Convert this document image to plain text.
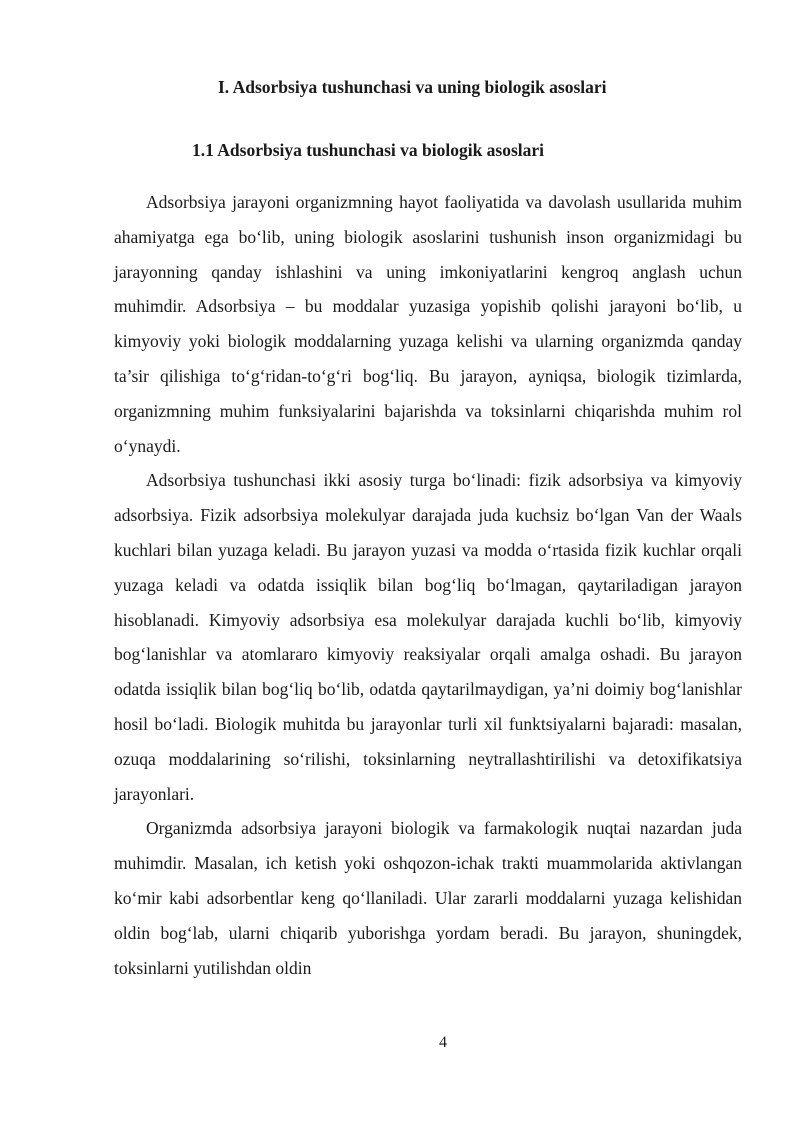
I. Adsorbsiya tushunchasi va uning biologik asoslari
1.1 Adsorbsiya tushunchasi va biologik asoslari

Adsorbsiya jarayoni organizmning hayot faoliyatida va davolash usullarida muhim ahamiyatga ega bo‘lib, uning biologik asoslarini tushunish inson organizmidagi bu jarayonning qanday ishlashini va uning imkoniyatlarini kengroq anglash uchun muhimdir. Adsorbsiya – bu moddalar yuzasiga yopishib qolishi jarayoni bo‘lib, u kimyoviy yoki biologik moddalarning yuzaga kelishi va ularning organizmda qanday ta’sir qilishiga to‘g‘ridan-to‘g‘ri bog‘liq. Bu jarayon, ayniqsa, biologik tizimlarda, organizmning muhim funksiyalarini bajarishda va toksinlarni chiqarishda muhim rol o‘ynaydi.

Adsorbsiya tushunchasi ikki asosiy turga bo‘linadi: fizik adsorbsiya va kimyoviy adsorbsiya. Fizik adsorbsiya molekulyar darajada juda kuchsiz bo‘lgan Van der Waals kuchlari bilan yuzaga keladi. Bu jarayon yuzasi va modda o‘rtasida fizik kuchlar orqali yuzaga keladi va odatda issiqlik bilan bog‘liq bo‘lmagan, qaytariladigan jarayon hisoblanadi. Kimyoviy adsorbsiya esa molekulyar darajada kuchli bo‘lib, kimyoviy bog‘lanishlar va atomlararo kimyoviy reaksiyalar orqali amalga oshadi. Bu jarayon odatda issiqlik bilan bog‘liq bo‘lib, odatda qaytarilmaydigan, ya’ni doimiy bog‘lanishlar hosil bo‘ladi. Biologik muhitda bu jarayonlar turli xil funktsiyalarni bajaradi: masalan, ozuqa moddalarining so‘rilishi, toksinlarning neytrallashtirilishi va detoxifikatsiya jarayonlari.

Organizmda adsorbsiya jarayoni biologik va farmakologik nuqtai nazardan juda muhimdir. Masalan, ich ketish yoki oshqozon-ichak trakti muammolarida aktivlangan ko‘mir kabi adsorbentlar keng qo‘llaniladi. Ular zararli moddalarni yuzaga kelishidan oldin bog‘lab, ularni chiqarib yuborishga yordam beradi. Bu jarayon, shuningdek, toksinlarni yutilishdan oldin

4
